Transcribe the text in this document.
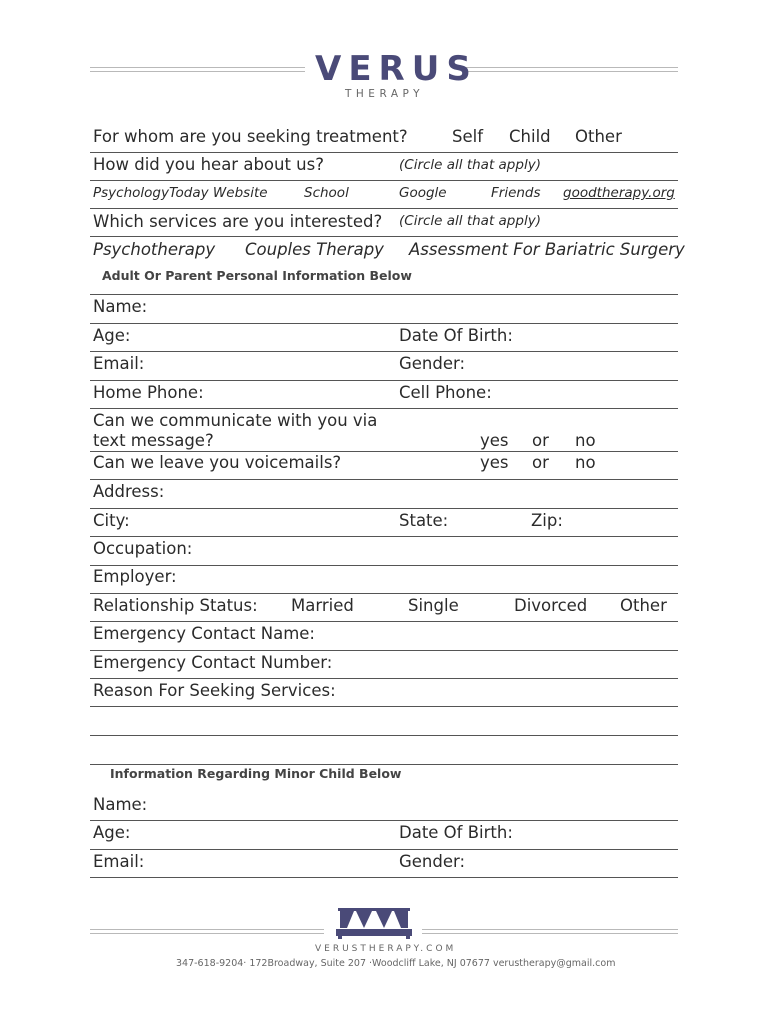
VERUS
THERAPY
For whom are you seeking treatment?	Self Child Other
How did you hear about us?	(Circle all that apply)
PsychologyToday Website	School	Google	Friends goodtherapy.org
Which services are you interested? (Circle all that apply)
Psychotherapy Couples Therapy Assessment For Bariatric Surgery
Adult Or Parent Personal Information Below
Name:
Age:	Date Of Birth:
Email:	Gender:
Home Phone:	Cell Phone:
Can we communicate with you via
text message?	yes or no
Can we leave you voicemails?	yes or no
Address:
City:	State:	Zip:
Occupation:
Employer:
Relationship Status: Married	Single	Divorced Other
Emergency Contact Name:
Emergency Contact Number:
Reason For Seeking Services:
Information Regarding Minor Child Below
Name:
Age:	Date Of Birth:
Email:	Gender:
VERUSTHERAPY.COM
347-618-9204· 172Broadway, Suite 207 ·Woodcliff Lake, NJ 07677 verustherapy@gmail.com
